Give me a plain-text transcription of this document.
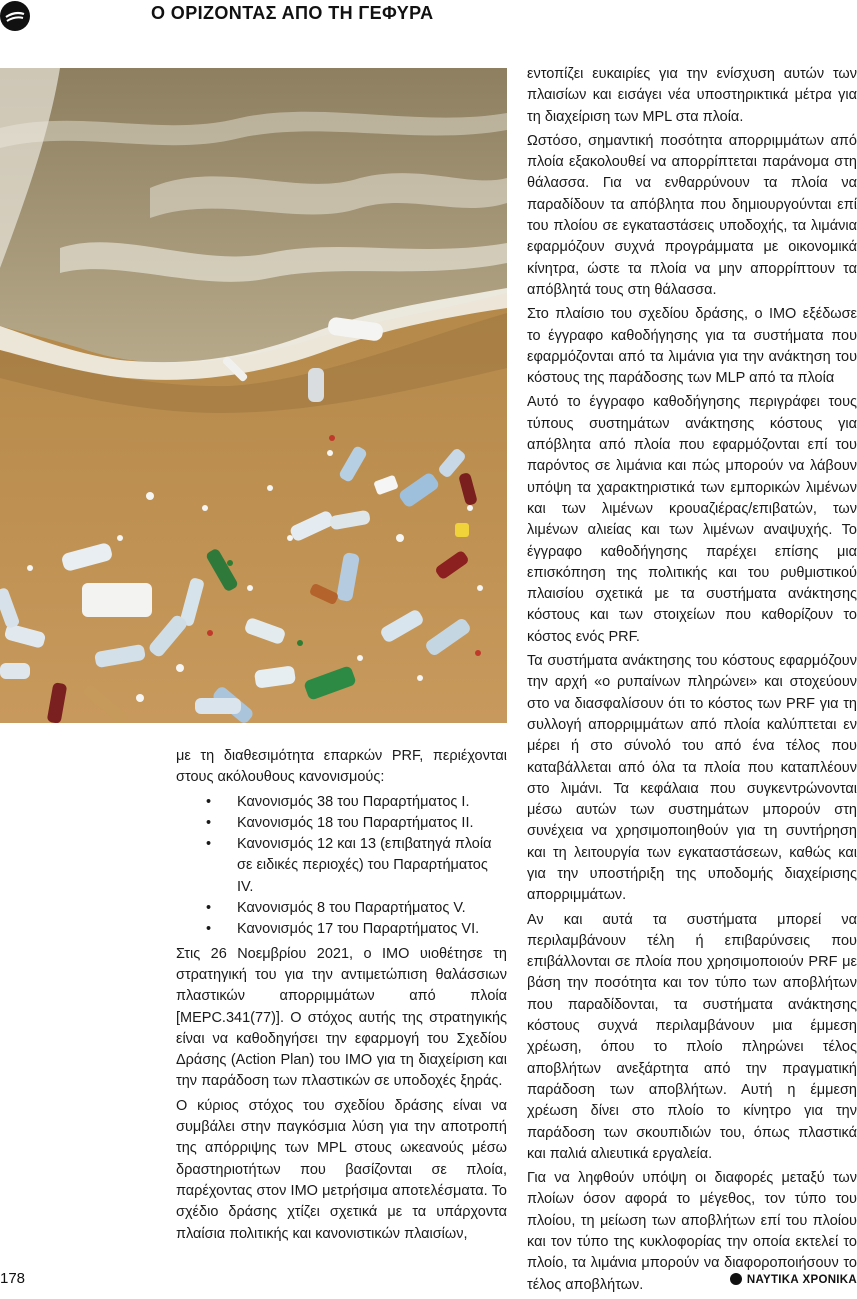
Ο ΟΡΙΖΟΝΤΑΣ ΑΠΟ ΤΗ ΓΕΦΥΡΑ

με τη διαθεσιμότητα επαρκών PRF, περιέχονται στους ακόλουθους κανονισμούς:

• Κανονισμός 38 του Παραρτήματος I.
• Κανονισμός 18 του Παραρτήματος II.
• Κανονισμός 12 και 13 (επιβατηγά πλοία σε ειδικές περιοχές) του Παραρτήματος IV.
• Κανονισμός 8 του Παραρτήματος V.
• Κανονισμός 17 του Παραρτήματος VI.

Στις 26 Νοεμβρίου 2021, ο ΙΜΟ υιοθέτησε τη στρατηγική του για την αντιμετώπιση θαλάσσιων πλαστικών απορριμμάτων από πλοία [MEPC.341(77)]. Ο στόχος αυτής της στρατηγικής είναι να καθοδηγήσει την εφαρμογή του Σχεδίου Δράσης (Action Plan) του ΙΜΟ για τη διαχείριση και την παράδοση των πλαστικών σε υποδοχές ξηράς.

Ο κύριος στόχος του σχεδίου δράσης είναι να συμβάλει στην παγκόσμια λύση για την αποτροπή της απόρριψης των MPL στους ωκεανούς μέσω δραστηριοτήτων που βασίζονται σε πλοία, παρέχοντας στον ΙΜΟ μετρήσιμα αποτελέσματα. Το σχέδιο δράσης χτίζει σχετικά με τα υπάρχοντα πλαίσια πολιτικής και κανονιστικών πλαισίων,

εντοπίζει ευκαιρίες για την ενίσχυση αυτών των πλαισίων και εισάγει νέα υποστηρικτικά μέτρα για τη διαχείριση των MPL στα πλοία.

Ωστόσο, σημαντική ποσότητα απορριμμάτων από πλοία εξακολουθεί να απορρίπτεται παράνομα στη θάλασσα. Για να ενθαρρύνουν τα πλοία να παραδίδουν τα απόβλητα που δημιουργούνται επί του πλοίου σε εγκαταστάσεις υποδοχής, τα λιμάνια εφαρμόζουν συχνά προγράμματα με οικονομικά κίνητρα, ώστε τα πλοία να μην απορρίπτουν τα απόβλητά τους στη θάλασσα.

Στο πλαίσιο του σχεδίου δράσης, ο ΙΜΟ εξέδωσε το έγγραφο καθοδήγησης για τα συστήματα που εφαρμόζονται από τα λιμάνια για την ανάκτηση του κόστους της παράδοσης των MLP από τα πλοία

Αυτό το έγγραφο καθοδήγησης περιγράφει τους τύπους συστημάτων ανάκτησης κόστους για απόβλητα από πλοία που εφαρμόζονται επί του παρόντος σε λιμάνια και πώς μπορούν να λάβουν υπόψη τα χαρακτηριστικά των εμπορικών λιμένων και των λιμένων κρουαζιέρας/επιβατών, των λιμένων αλιείας και των λιμένων αναψυχής. Το έγγραφο καθοδήγησης παρέχει επίσης μια επισκόπηση της πολιτικής και του ρυθμιστικού πλαισίου σχετικά με τα συστήματα ανάκτησης κόστους και των στοιχείων που καθορίζουν το κόστος ενός PRF.

Τα συστήματα ανάκτησης του κόστους εφαρμόζουν την αρχή «ο ρυπαίνων πληρώνει» και στοχεύουν στο να διασφαλίσουν ότι το κόστος των PRF για τη συλλογή απορριμμάτων από πλοία καλύπτεται εν μέρει ή στο σύνολό του από ένα τέλος που καταβάλλεται από όλα τα πλοία που καταπλέουν στο λιμάνι. Τα κεφάλαια που συγκεντρώνονται μέσω αυτών των συστημάτων μπορούν στη συνέχεια να χρησιμοποιηθούν για τη συντήρηση και τη λειτουργία των εγκαταστάσεων, καθώς και για την υποστήριξη της υποδομής διαχείρισης απορριμμάτων.

Αν και αυτά τα συστήματα μπορεί να περιλαμβάνουν τέλη ή επιβαρύνσεις που επιβάλλονται σε πλοία που χρησιμοποιούν PRF με βάση την ποσότητα και τον τύπο των αποβλήτων που παραδίδονται, τα συστήματα ανάκτησης κόστους συχνά περιλαμβάνουν μια έμμεση χρέωση, όπου το πλοίο πληρώνει τέλος αποβλήτων ανεξάρτητα από την πραγματική παράδοση των αποβλήτων. Αυτή η έμμεση χρέωση δίνει στο πλοίο το κίνητρο για την παράδοση των σκουπιδιών του, όπως πλαστικά και παλιά αλιευτικά εργαλεία.

Για να ληφθούν υπόψη οι διαφορές μεταξύ των πλοίων όσον αφορά το μέγεθος, τον τύπο του πλοίου, τη μείωση των αποβλήτων επί του πλοίου και τον τύπο της κυκλοφορίας την οποία εκτελεί το πλοίο, τα λιμάνια μπορούν να διαφοροποιήσουν το τέλος αποβλήτων.

178	ΝΑΥΤΙΚΑ ΧΡΟΝΙΚΑ
